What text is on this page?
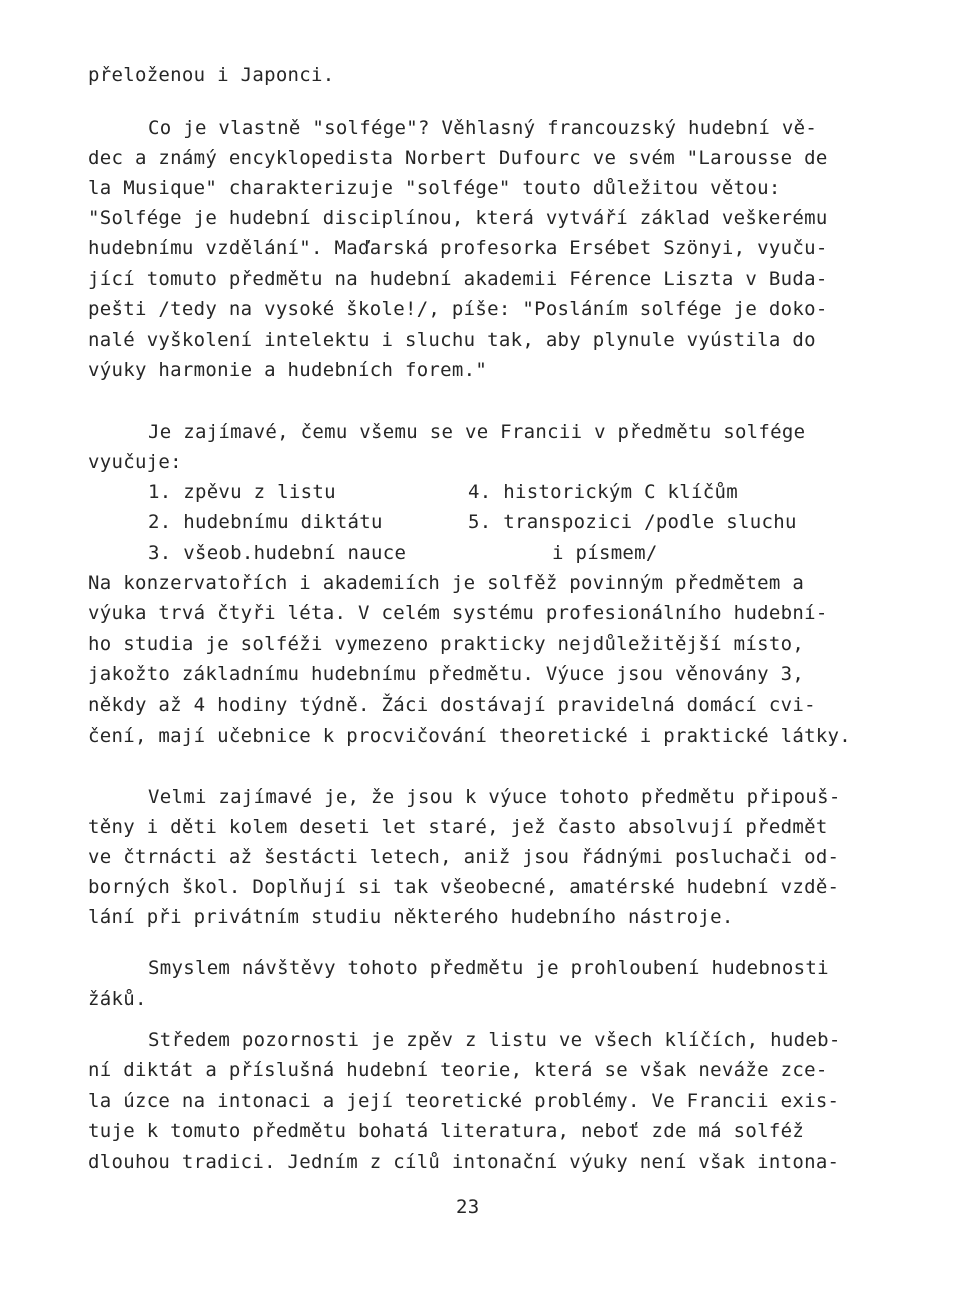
přeloženou i Japonci.
Co je vlastně "solfége"? Věhlasný francouzský hudební vě-
dec a známý encyklopedista Norbert Dufourc ve svém "Larousse de
la Musique" charakterizuje "solfége" touto důležitou větou:
"Solfége je hudební disciplínou, která vytváří základ veškerému
hudebnímu vzdělání". Maďarská profesorka Ersébet Szönyi, vyuču-
jící tomuto předmětu na hudební akademii Férence Liszta v Buda-
pešti /tedy na vysoké škole!/, píše: "Posláním solfége je doko-
nalé vyškolení intelektu i sluchu tak, aby plynule vyústila do
výuky harmonie a hudebních forem."
Je zajímavé, čemu všemu se ve Francii v předmětu solfége
vyučuje:
1. zpěvu z listu	4. historickým C klíčům
2. hudebnímu diktátu	5. transpozici /podle sluchu
3. všeob.hudební nauce	i písmem/
Na konzervatořích i akademiích je solfěž povinným předmětem a
výuka trvá čtyři léta. V celém systému profesionálního hudební-
ho studia je solféži vymezeno prakticky nejdůležitější místo,
jakožto základnímu hudebnímu předmětu. Výuce jsou věnovány 3,
někdy až 4 hodiny týdně. Žáci dostávají pravidelná domácí cvi-
čení, mají učebnice k procvičování theoretické i praktické látky.
Velmi zajímavé je, že jsou k výuce tohoto předmětu připouš-
těny i děti kolem deseti let staré, jež často absolvují předmět
ve čtrnácti až šestácti letech, aniž jsou řádnými posluchači od-
borných škol. Doplňují si tak všeobecné, amatérské hudební vzdě-
lání při privátním studiu některého hudebního nástroje.
Smyslem návštěvy tohoto předmětu je prohloubení hudebnosti
žáků.
Středem pozornosti je zpěv z listu ve všech klíčích, hudeb-
ní diktát a příslušná hudební teorie, která se však neváže zce-
la úzce na intonaci a její teoretické problémy. Ve Francii exis-
tuje k tomuto předmětu bohatá literatura, neboť zde má solféž
dlouhou tradici. Jedním z cílů intonační výuky není však intona-
23
